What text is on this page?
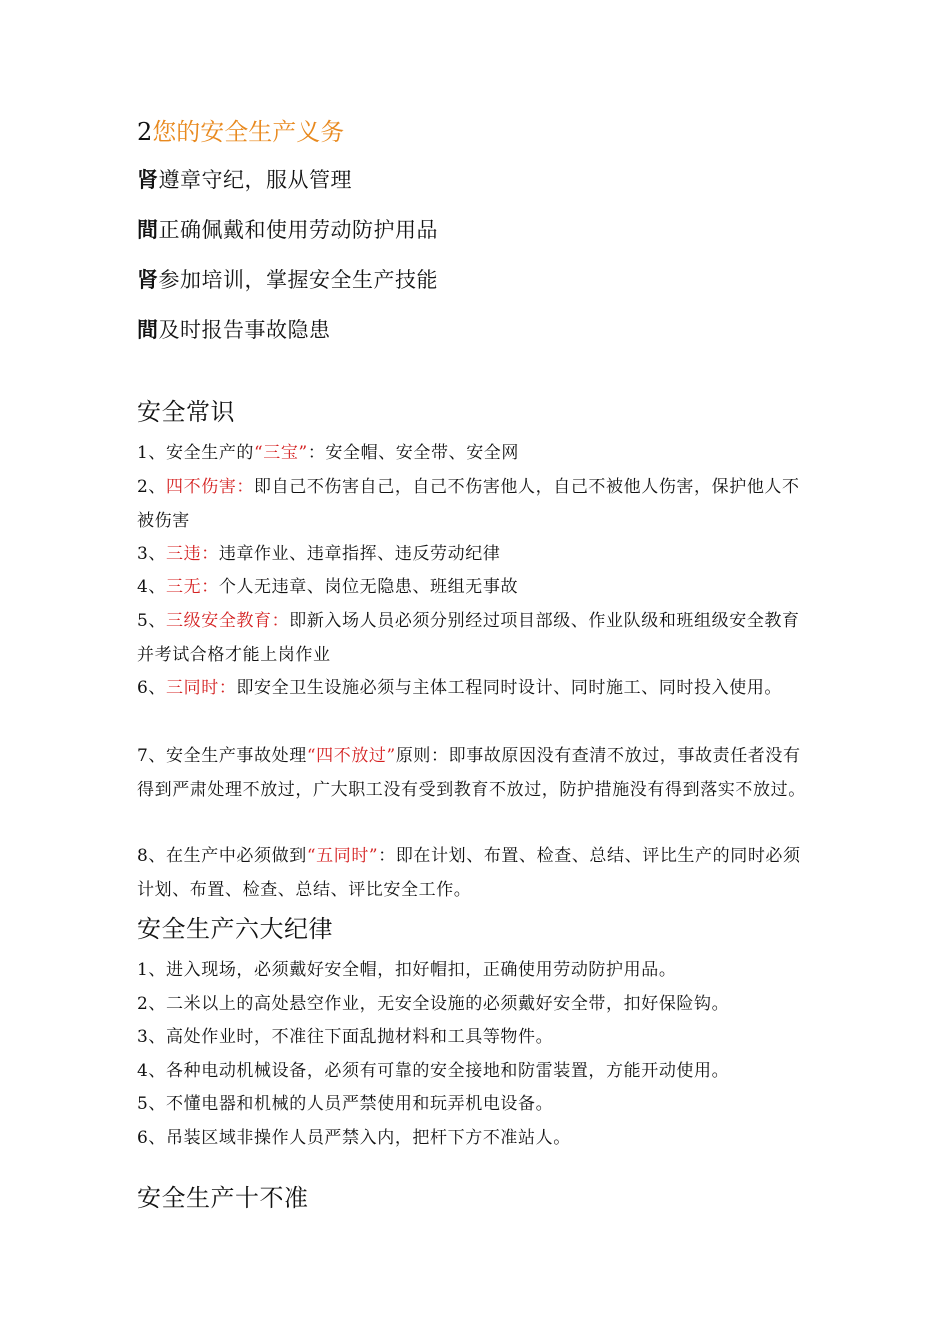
2您的安全生产义务
肾遵章守纪，服从管理
間正确佩戴和使用劳动防护用品
肾参加培训，掌握安全生产技能
間及时报告事故隐患
安全常识
1、安全生产的“三宝”：安全帽、安全带、安全网
2、四不伤害：即自己不伤害自己，自己不伤害他人，自己不被他人伤害，保护他人不被伤害
3、三违：违章作业、违章指挥、违反劳动纪律
4、三无：个人无违章、岗位无隐患、班组无事故
5、三级安全教育：即新入场人员必须分别经过项目部级、作业队级和班组级安全教育并考试合格才能上岗作业
6、三同时：即安全卫生设施必须与主体工程同时设计、同时施工、同时投入使用。
7、安全生产事故处理“四不放过”原则：即事故原因没有查清不放过，事故责任者没有得到严肃处理不放过，广大职工没有受到教育不放过，防护措施没有得到落实不放过。
8、在生产中必须做到“五同时”：即在计划、布置、检查、总结、评比生产的同时必须计划、布置、检查、总结、评比安全工作。
安全生产六大纪律
1、进入现场，必须戴好安全帽，扣好帽扣，正确使用劳动防护用品。
2、二米以上的高处悬空作业，无安全设施的必须戴好安全带，扣好保险钩。
3、高处作业时，不准往下面乱抛材料和工具等物件。
4、各种电动机械设备，必须有可靠的安全接地和防雷装置，方能开动使用。
5、不懂电器和机械的人员严禁使用和玩弄机电设备。
6、吊装区域非操作人员严禁入内，把杆下方不准站人。
安全生产十不准
